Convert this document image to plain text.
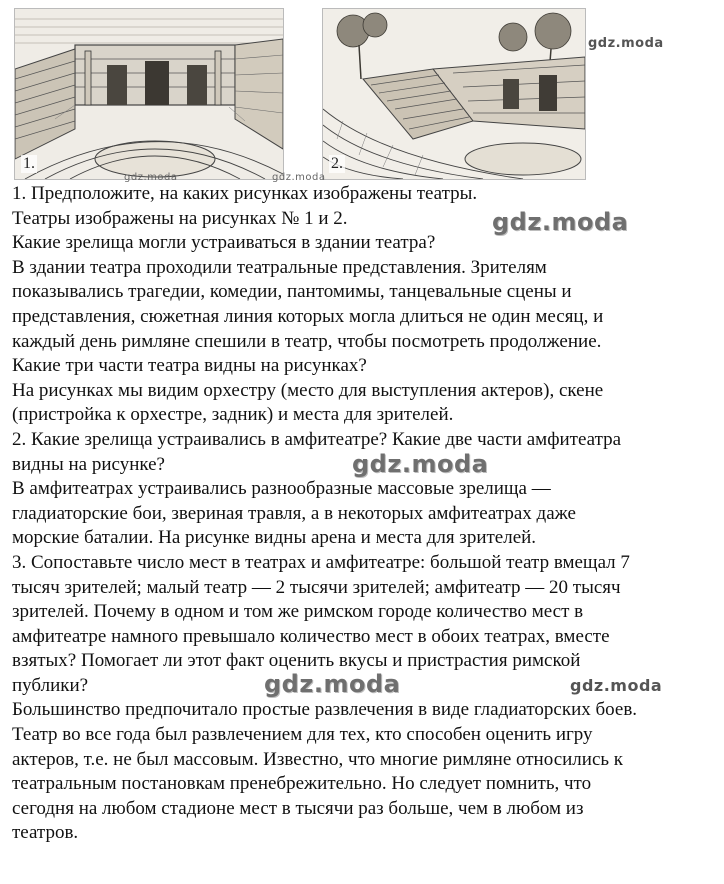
1.	2.
gdz.moda
gdz.moda	gdz.moda
gdz.moda
gdz.moda
gdz.moda	gdz.moda
1. Предположите, на каких рисунках изображены театры.
Театры изображены на рисунках № 1 и 2.
Какие зрелища могли устраиваться в здании театра?
В здании театра проходили театральные представления. Зрителям
показывались трагедии, комедии, пантомимы, танцевальные сцены и
представления, сюжетная линия которых могла длиться не один месяц, и
каждый день римляне спешили в театр, чтобы посмотреть продолжение.
Какие три части театра видны на рисунках?
На рисунках мы видим орхестру (место для выступления актеров), скене
(пристройка к орхестре, задник) и места для зрителей.
2. Какие зрелища устраивались в амфитеатре? Какие две части амфитеатра
видны на рисунке?
В амфитеатрах устраивались разнообразные массовые зрелища —
гладиаторские бои, звериная травля, а в некоторых амфитеатрах даже
морские баталии. На рисунке видны арена и места для зрителей.
3. Сопоставьте число мест в театрах и амфитеатре: большой театр вмещал 7
тысяч зрителей; малый театр — 2 тысячи зрителей; амфитеатр — 20 тысяч
зрителей. Почему в одном и том же римском городе количество мест в
амфитеатре намного превышало количество мест в обоих театрах, вместе
взятых? Помогает ли этот факт оценить вкусы и пристрастия римской
публики?
Большинство предпочитало простые развлечения в виде гладиаторских боев.
Театр во все года был развлечением для тех, кто способен оценить игру
актеров, т.е. не был массовым. Известно, что многие римляне относились к
театральным постановкам пренебрежительно. Но следует помнить, что
сегодня на любом стадионе мест в тысячи раз больше, чем в любом из
театров.
